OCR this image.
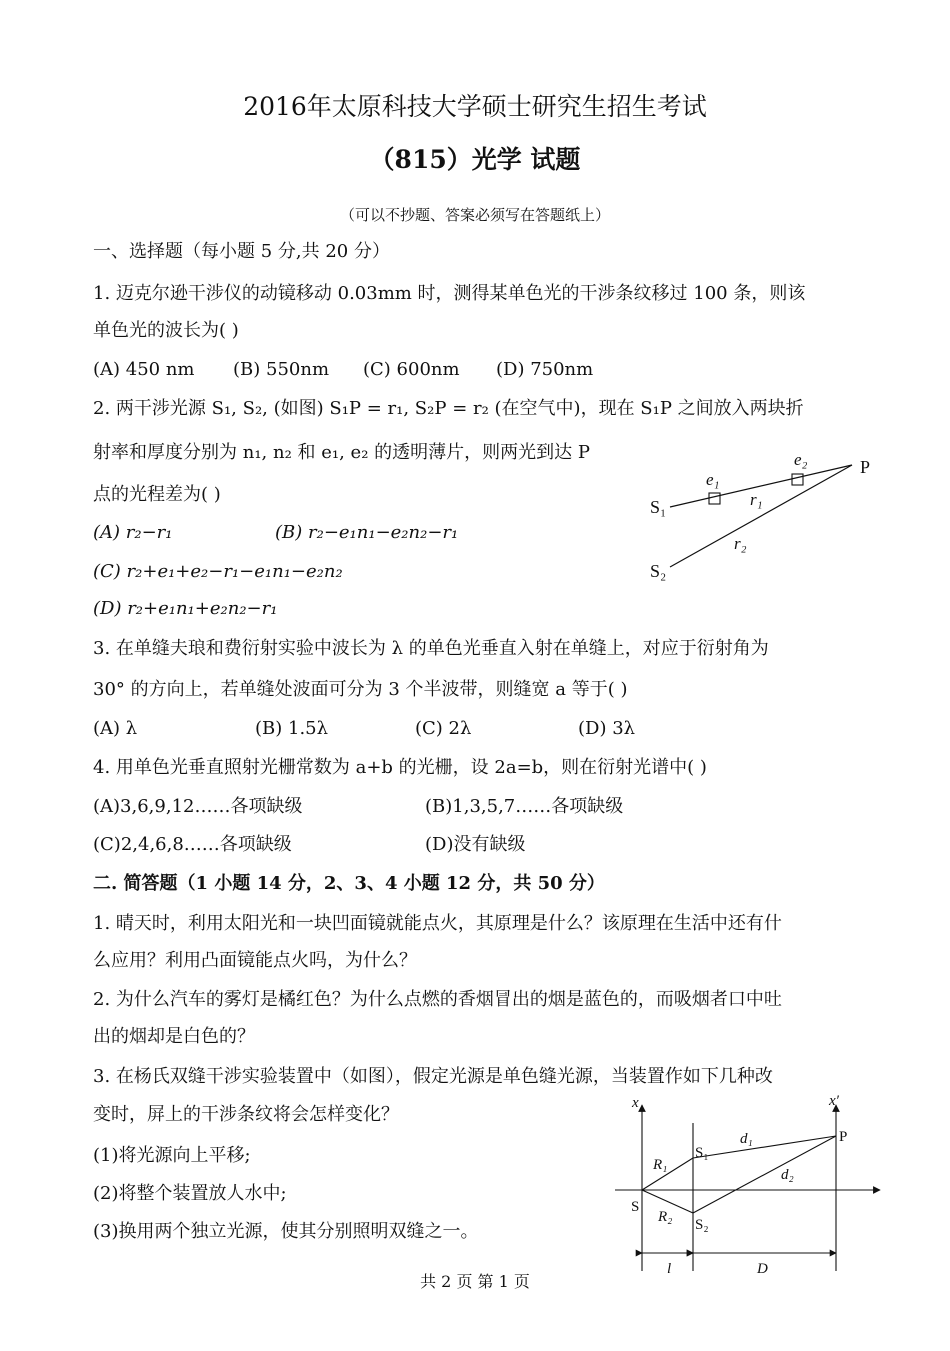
2016年太原科技大学硕士研究生招生考试
（815）光学 试题
（可以不抄题、答案必须写在答题纸上）
一、选择题（每小题 5 分,共 20 分）
1. 迈克尔逊干涉仪的动镜移动 0.03mm 时，测得某单色光的干涉条纹移过 100 条，则该
单色光的波长为( )
(A) 450 nm (B) 550nm (C) 600nm (D) 750nm
2. 两干涉光源 S₁, S₂, (如图) S₁P = r₁, S₂P = r₂ (在空气中)，现在 S₁P 之间放入两块折
射率和厚度分别为 n₁, n₂ 和 e₁, e₂ 的透明薄片，则两光到达 P
点的光程差为( )
(A) r₂−r₁	(B) r₂−e₁n₁−e₂n₂−r₁
(C) r₂+e₁+e₂−r₁−e₁n₁−e₂n₂
(D) r₂+e₁n₁+e₂n₂−r₁
S₁
S₂
P
e₁
e₂
r₁
r₂
3. 在单缝夫琅和费衍射实验中波长为 λ 的单色光垂直入射在单缝上，对应于衍射角为
30° 的方向上，若单缝处波面可分为 3 个半波带，则缝宽 a 等于( )
(A) λ	(B) 1.5λ	(C) 2λ	(D) 3λ
4. 用单色光垂直照射光栅常数为 a+b 的光栅，设 2a=b，则在衍射光谱中( )
(A)3,6,9,12……各项缺级	(B)1,3,5,7……各项缺级
(C)2,4,6,8……各项缺级	(D)没有缺级
二. 简答题（1 小题 14 分，2、3、4 小题 12 分，共 50 分）
1. 晴天时，利用太阳光和一块凹面镜就能点火，其原理是什么？该原理在生活中还有什
么应用？利用凸面镜能点火吗，为什么？
2. 为什么汽车的雾灯是橘红色？为什么点燃的香烟冒出的烟是蓝色的，而吸烟者口中吐
出的烟却是白色的？
3. 在杨氏双缝干涉实验装置中（如图），假定光源是单色缝光源，当装置作如下几种改
变时，屏上的干涉条纹将会怎样变化？
(1)将光源向上平移;
(2)将整个装置放人水中;
(3)换用两个独立光源，使其分别照明双缝之一。
x	x′
S₁
S₂
S
P
R₁
R₂
d₁
d₂
l	D
共 2 页 第 1 页
